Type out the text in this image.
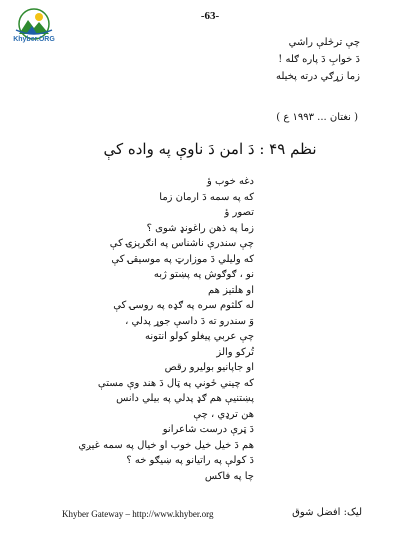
-63-
Khyber.ORG	چې ترڅلې راشي
دَ خوابِ دَ پاره ګله !
زما زړګي درته پخيله
( نغتان ... ١٩٩٣ ع )
نظم ۴۹ : دَ امن دَ ناوې په واده کې
دغه خوب ؤ
که په سمه دَ ارمان زما
تصور ؤ
زما په ذهن راغونډ شوی ؟
چې سندرې ناشناس په انګرېزۍ کې
که وليلي دَ موزارټ په موسيقۍ کې
نو ، ګوګوش په پښتو ژبه
او هلتيز هم
له کلثوم سره په ګډه په روسۍ کې
وَ سندرو ته دَ داسې جوړ پدلي ،
چې عربي پيغلو کولو انتونه
تُرکو والز
او جاپانيو بوليرو رقص
که چيني ځوني په ټال دَ هند وې مستې
پښتنيې هم ګډ پدلي په بيلي دانس
هن ترډي ، چې
دَ ټرې درست شاعرانو
هم دَ خيل خيل خوب او خيال په سمه غيږي
دَ کولې په راتيانو په ښيګو خه ؟
چا په فاکس
Khyber Gateway – http://www.khyber.org	ليک: افضل شوق
